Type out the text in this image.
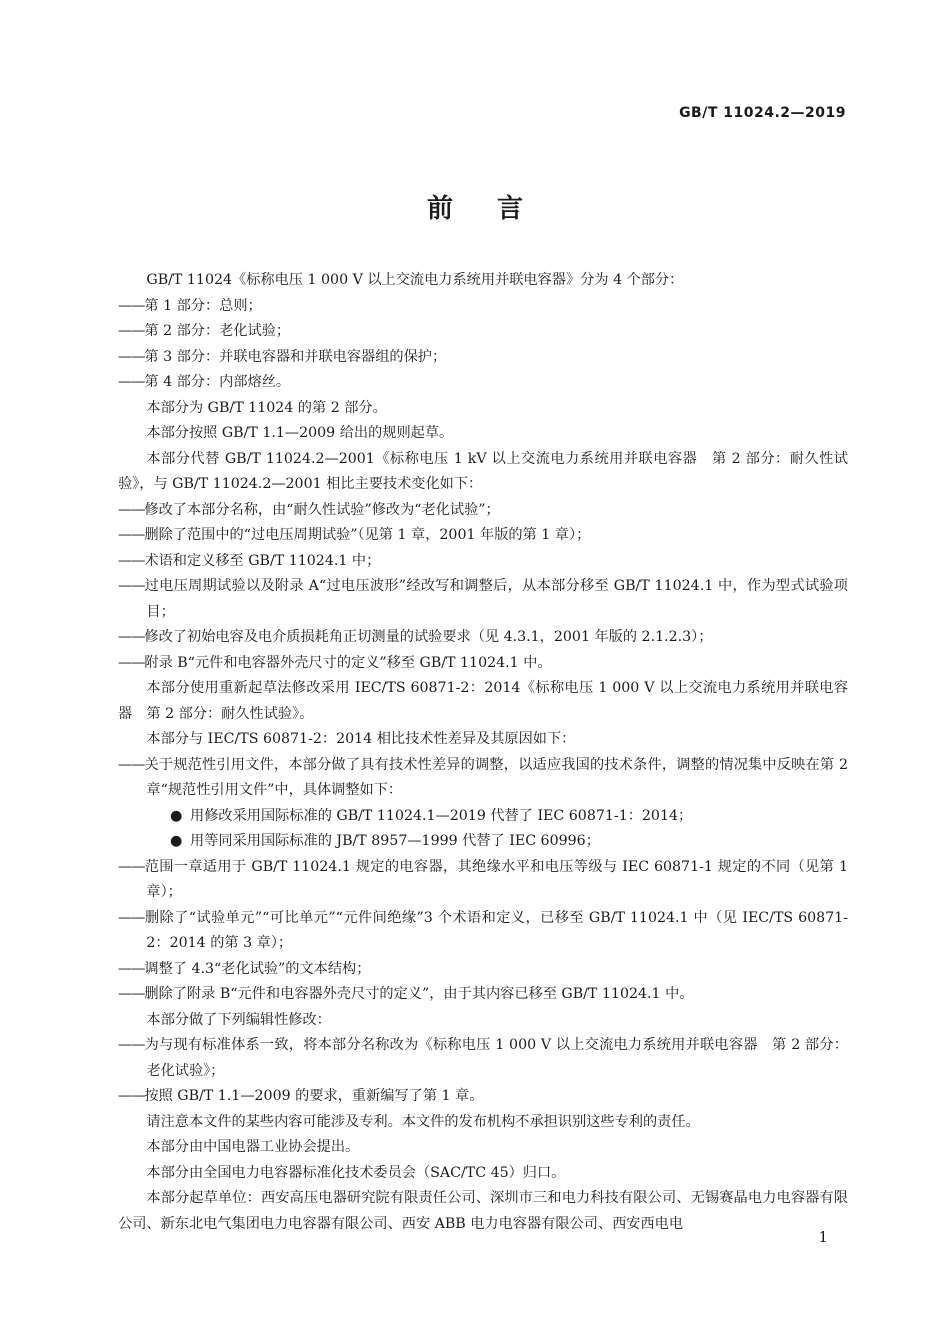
GB/T 11024.2—2019
前言

GB/T 11024《标称电压 1 000 V 以上交流电力系统用并联电容器》分为 4 个部分：

——第 1 部分：总则；

——第 2 部分：老化试验；

——第 3 部分：并联电容器和并联电容器组的保护；

——第 4 部分：内部熔丝。

本部分为 GB/T 11024 的第 2 部分。

本部分按照 GB/T 1.1—2009 给出的规则起草。

本部分代替 GB/T 11024.2—2001《标称电压 1 kV 以上交流电力系统用并联电容器　第 2 部分：耐久性试验》，与 GB/T 11024.2—2001 相比主要技术变化如下：

——修改了本部分名称，由“耐久性试验”修改为“老化试验”；

——删除了范围中的“过电压周期试验”（见第 1 章，2001 年版的第 1 章）；

——术语和定义移至 GB/T 11024.1 中；

——过电压周期试验以及附录 A“过电压波形”经改写和调整后，从本部分移至 GB/T 11024.1 中，作为型式试验项目；

——修改了初始电容及电介质损耗角正切测量的试验要求（见 4.3.1，2001 年版的 2.1.2.3）；

——附录 B“元件和电容器外壳尺寸的定义”移至 GB/T 11024.1 中。

本部分使用重新起草法修改采用 IEC/TS 60871-2：2014《标称电压 1 000 V 以上交流电力系统用并联电容器　第 2 部分：耐久性试验》。

本部分与 IEC/TS 60871-2：2014 相比技术性差异及其原因如下：

——关于规范性引用文件，本部分做了具有技术性差异的调整，以适应我国的技术条件，调整的情况集中反映在第 2 章“规范性引用文件”中，具体调整如下：

● 用修改采用国际标准的 GB/T 11024.1—2019 代替了 IEC 60871-1：2014；

● 用等同采用国际标准的 JB/T 8957—1999 代替了 IEC 60996；

——范围一章适用于 GB/T 11024.1 规定的电容器，其绝缘水平和电压等级与 IEC 60871-1 规定的不同（见第 1 章）；

——删除了“试验单元”“可比单元”“元件间绝缘”3 个术语和定义，已移至 GB/T 11024.1 中（见 IEC/TS 60871-2：2014 的第 3 章）；

——调整了 4.3“老化试验”的文本结构；

——删除了附录 B“元件和电容器外壳尺寸的定义”，由于其内容已移至 GB/T 11024.1 中。

本部分做了下列编辑性修改：

——为与现有标准体系一致，将本部分名称改为《标称电压 1 000 V 以上交流电力系统用并联电容器　第 2 部分：老化试验》；

——按照 GB/T 1.1—2009 的要求，重新编写了第 1 章。

请注意本文件的某些内容可能涉及专利。本文件的发布机构不承担识别这些专利的责任。

本部分由中国电器工业协会提出。

本部分由全国电力电容器标准化技术委员会（SAC/TC 45）归口。

本部分起草单位：西安高压电器研究院有限责任公司、深圳市三和电力科技有限公司、无锡赛晶电力电容器有限公司、新东北电气集团电力电容器有限公司、西安 ABB 电力电容器有限公司、西安西电电

1
